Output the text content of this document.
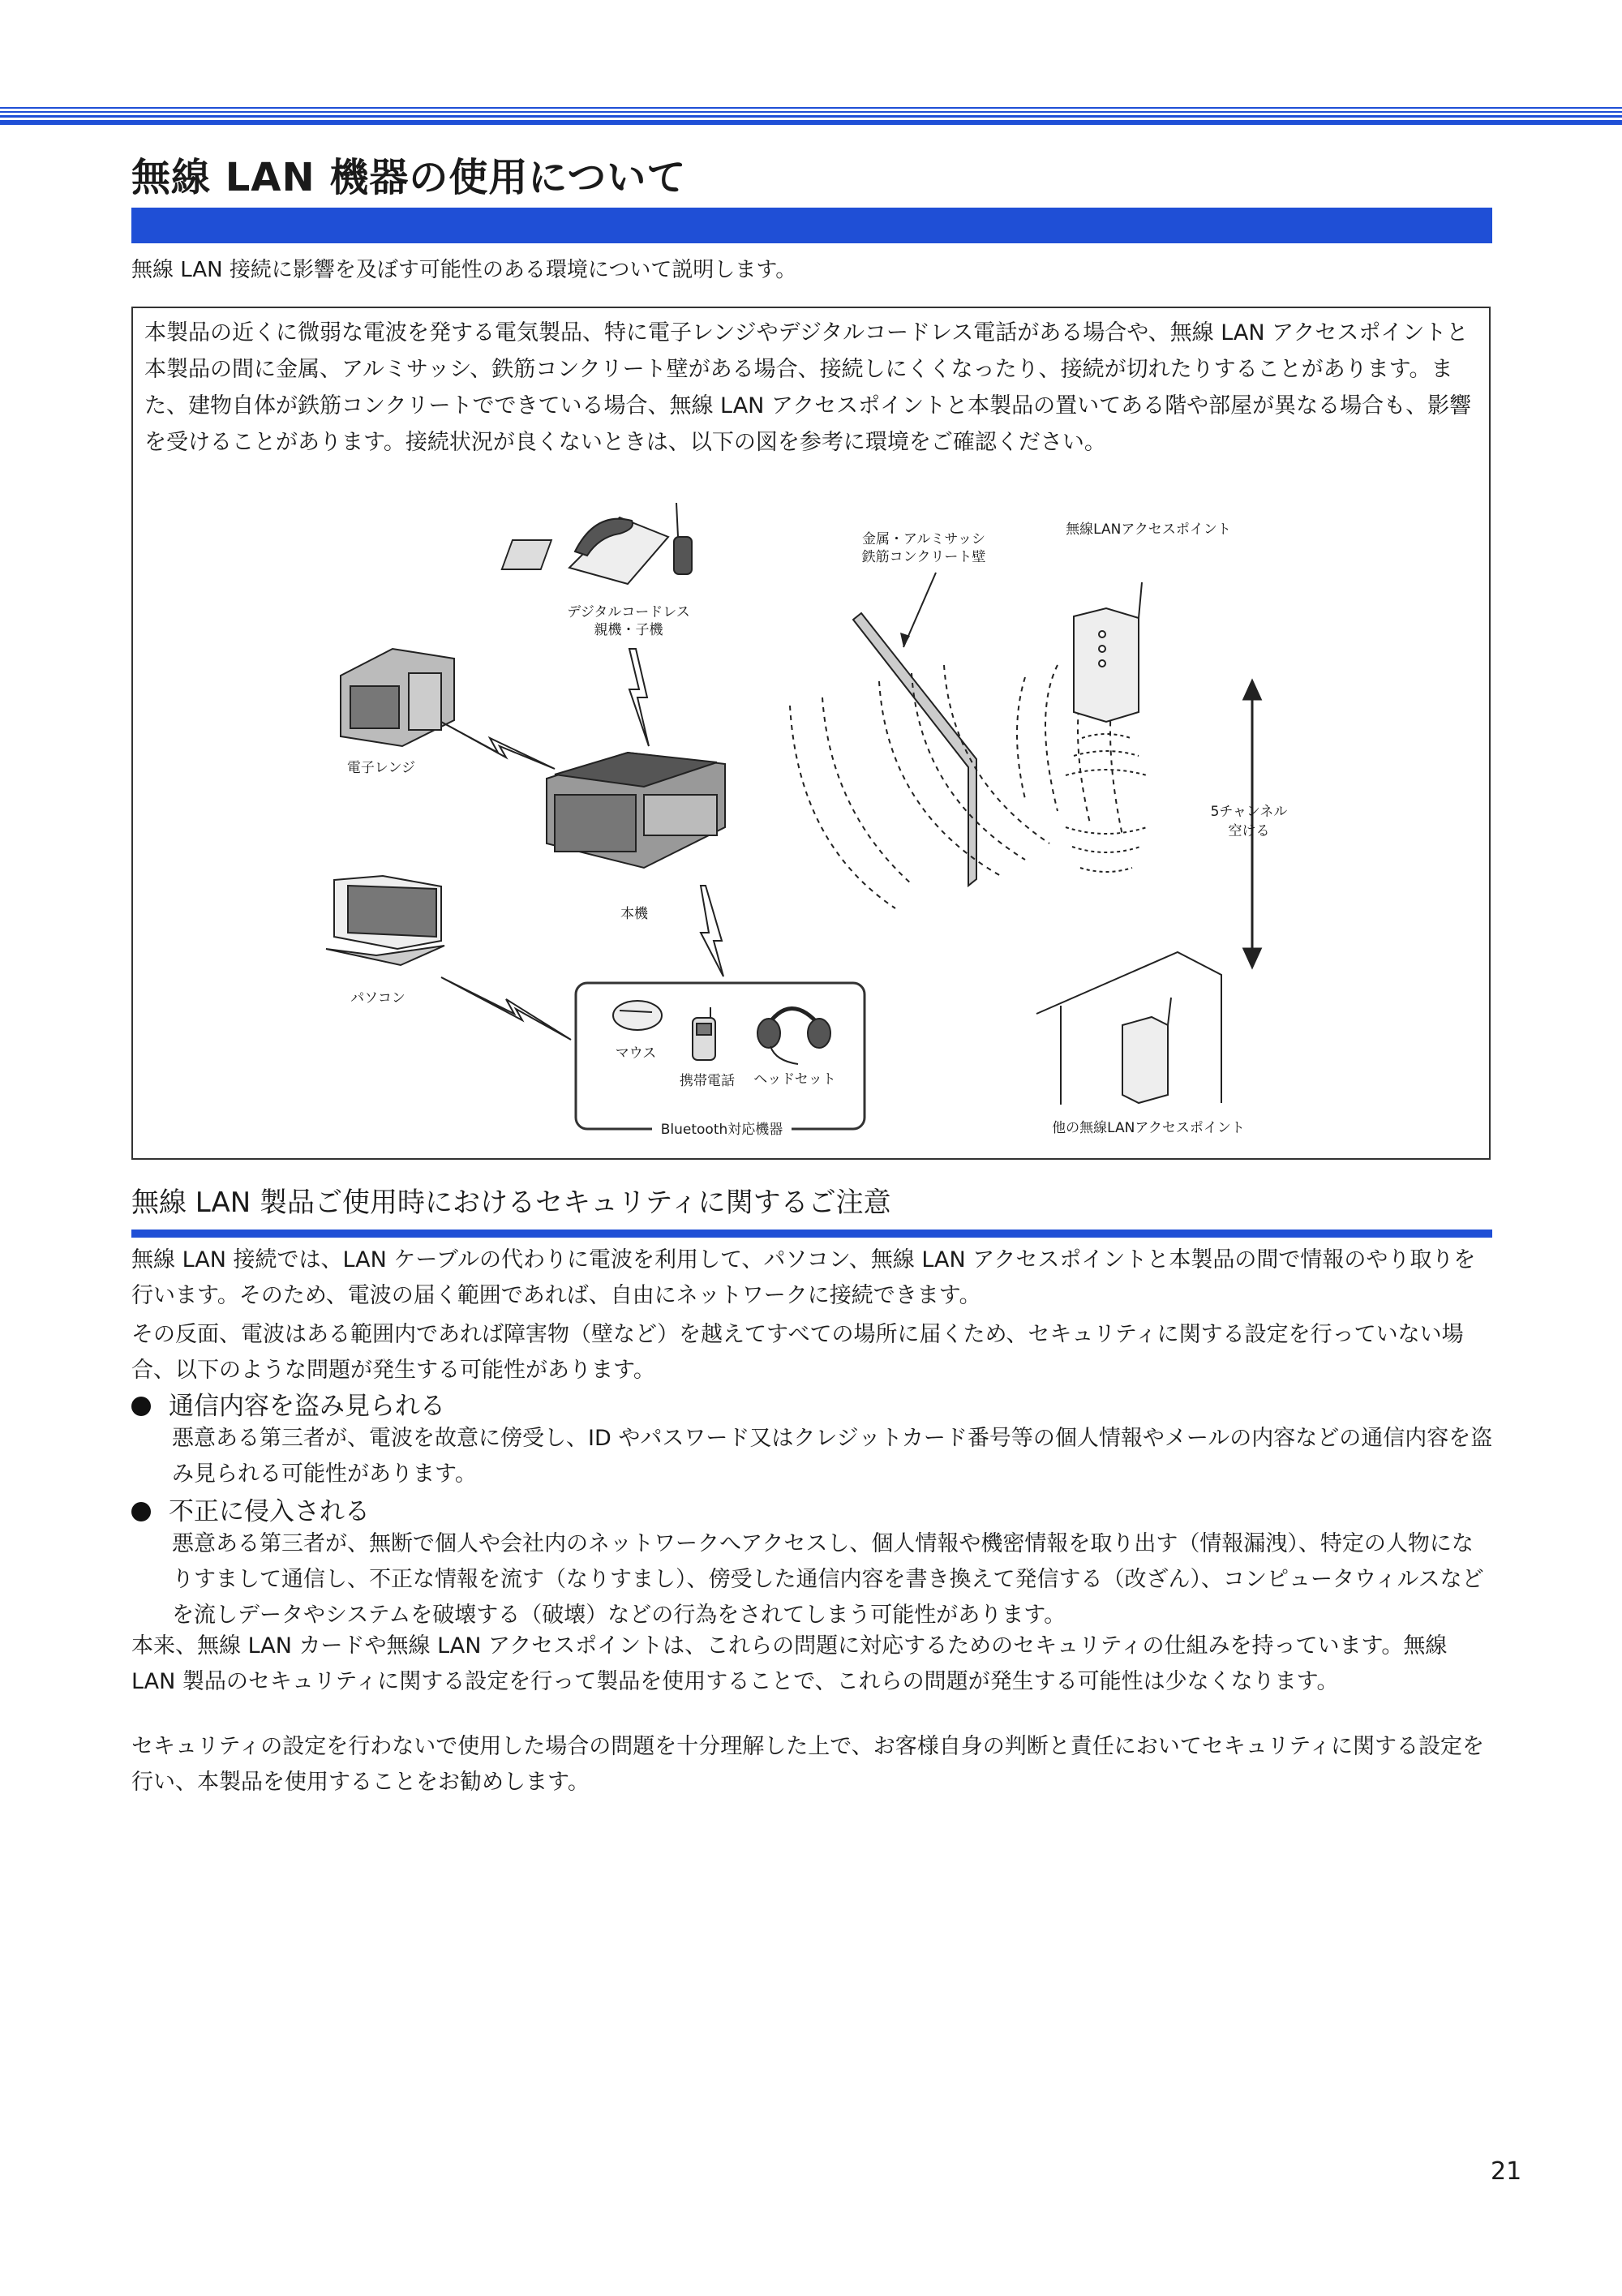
無線 LAN 機器の使用について
無線 LAN 接続に影響を及ぼす可能性のある環境について説明します。

本製品の近くに微弱な電波を発する電気製品、特に電子レンジやデジタルコードレス電話がある場合や、無線 LAN アクセスポイントと本製品の間に金属、アルミサッシ、鉄筋コンクリート壁がある場合、接続しにくくなったり、接続が切れたりすることがあります。また、建物自体が鉄筋コンクリートでできている場合、無線 LAN アクセスポイントと本製品の置いてある階や部屋が異なる場合も、影響を受けることがあります。接続状況が良くないときは、以下の図を参考に環境をご確認ください。

デジタルコードレス
親機・子機
電子レンジ
本機
パソコン
マウス
携帯電話 ヘッドセット
Bluetooth対応機器
金属・アルミサッシ
鉄筋コンクリート壁
無線LANアクセスポイント
5チャンネル
空ける
他の無線LANアクセスポイント
無線 LAN 製品ご使用時におけるセキュリティに関するご注意

無線 LAN 接続では、LAN ケーブルの代わりに電波を利用して、パソコン、無線 LAN アクセスポイントと本製品の間で情報のやり取りを行います。そのため、電波の届く範囲であれば、自由にネットワークに接続できます。

その反面、電波はある範囲内であれば障害物（壁など）を越えてすべての場所に届くため、セキュリティに関する設定を行っていない場合、以下のような問題が発生する可能性があります。

通信内容を盗み見られる

悪意ある第三者が、電波を故意に傍受し、ID やパスワード又はクレジットカード番号等の個人情報やメールの内容などの通信内容を盗み見られる可能性があります。

不正に侵入される

悪意ある第三者が、無断で個人や会社内のネットワークへアクセスし、個人情報や機密情報を取り出す（情報漏洩）、特定の人物になりすまして通信し、不正な情報を流す（なりすまし）、傍受した通信内容を書き換えて発信する（改ざん）、コンピュータウィルスなどを流しデータやシステムを破壊する（破壊）などの行為をされてしまう可能性があります。

本来、無線 LAN カードや無線 LAN アクセスポイントは、これらの問題に対応するためのセキュリティの仕組みを持っています。無線 LAN 製品のセキュリティに関する設定を行って製品を使用することで、これらの問題が発生する可能性は少なくなります。

セキュリティの設定を行わないで使用した場合の問題を十分理解した上で、お客様自身の判断と責任においてセキュリティに関する設定を行い、本製品を使用することをお勧めします。

21
